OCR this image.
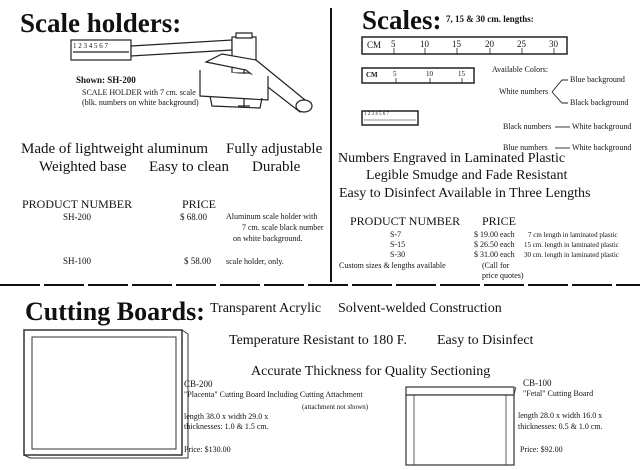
Scale holders:
1 2 3 4 5 6 7
Shown: SH-200
SCALE HOLDER with 7 cm. scale
(blk. numbers on white background)
Made of lightweight aluminum Fully adjustable
Weighted base Easy to clean Durable
PRODUCT NUMBER	PRICE
SH-200	$ 68.00 Aluminum scale holder with
7 cm. scale black number
on white background.
SH-100	$ 58.00 scale holder, only.
Scales: 7, 15 & 30 cm. lengths:
CM 5	10	15	20	25	30
CM 5	10	15
1 2 3 4 5 6 7
Available Colors:
White numbers
Blue background
Black background
Black numbers	White background
Blue numbers	White background
Numbers Engraved in Laminated Plastic
Legible Smudge and Fade Resistant
Easy to Disinfect Available in Three Lengths
PRODUCT NUMBER PRICE
S-7	$ 19.00 each 7 cm length in laminated plastic
S-15	$ 26.50 each 15 cm. length in laminated plastic
S-30	$ 31.00 each 30 cm. length in laminated plastic
Custom sizes & lengths available	(Call for
price quotes)
Cutting Boards: Transparent Acrylic Solvent-welded Construction
Temperature Resistant to 180 F. Easy to Disinfect
Accurate Thickness for Quality Sectioning
CB-200
"Placenta" Cutting Board Including Cutting Attachment
(attachment not shown)
length 38.0 x width 29.0 x
thicknesses: 1.0 & 1.5 cm.
Price: $130.00
CB-100
"Fetal" Cutting Board
length 28.0 x width 16.0 x
thicknesses: 0.5 & 1.0 cm.
Price: $92.00
